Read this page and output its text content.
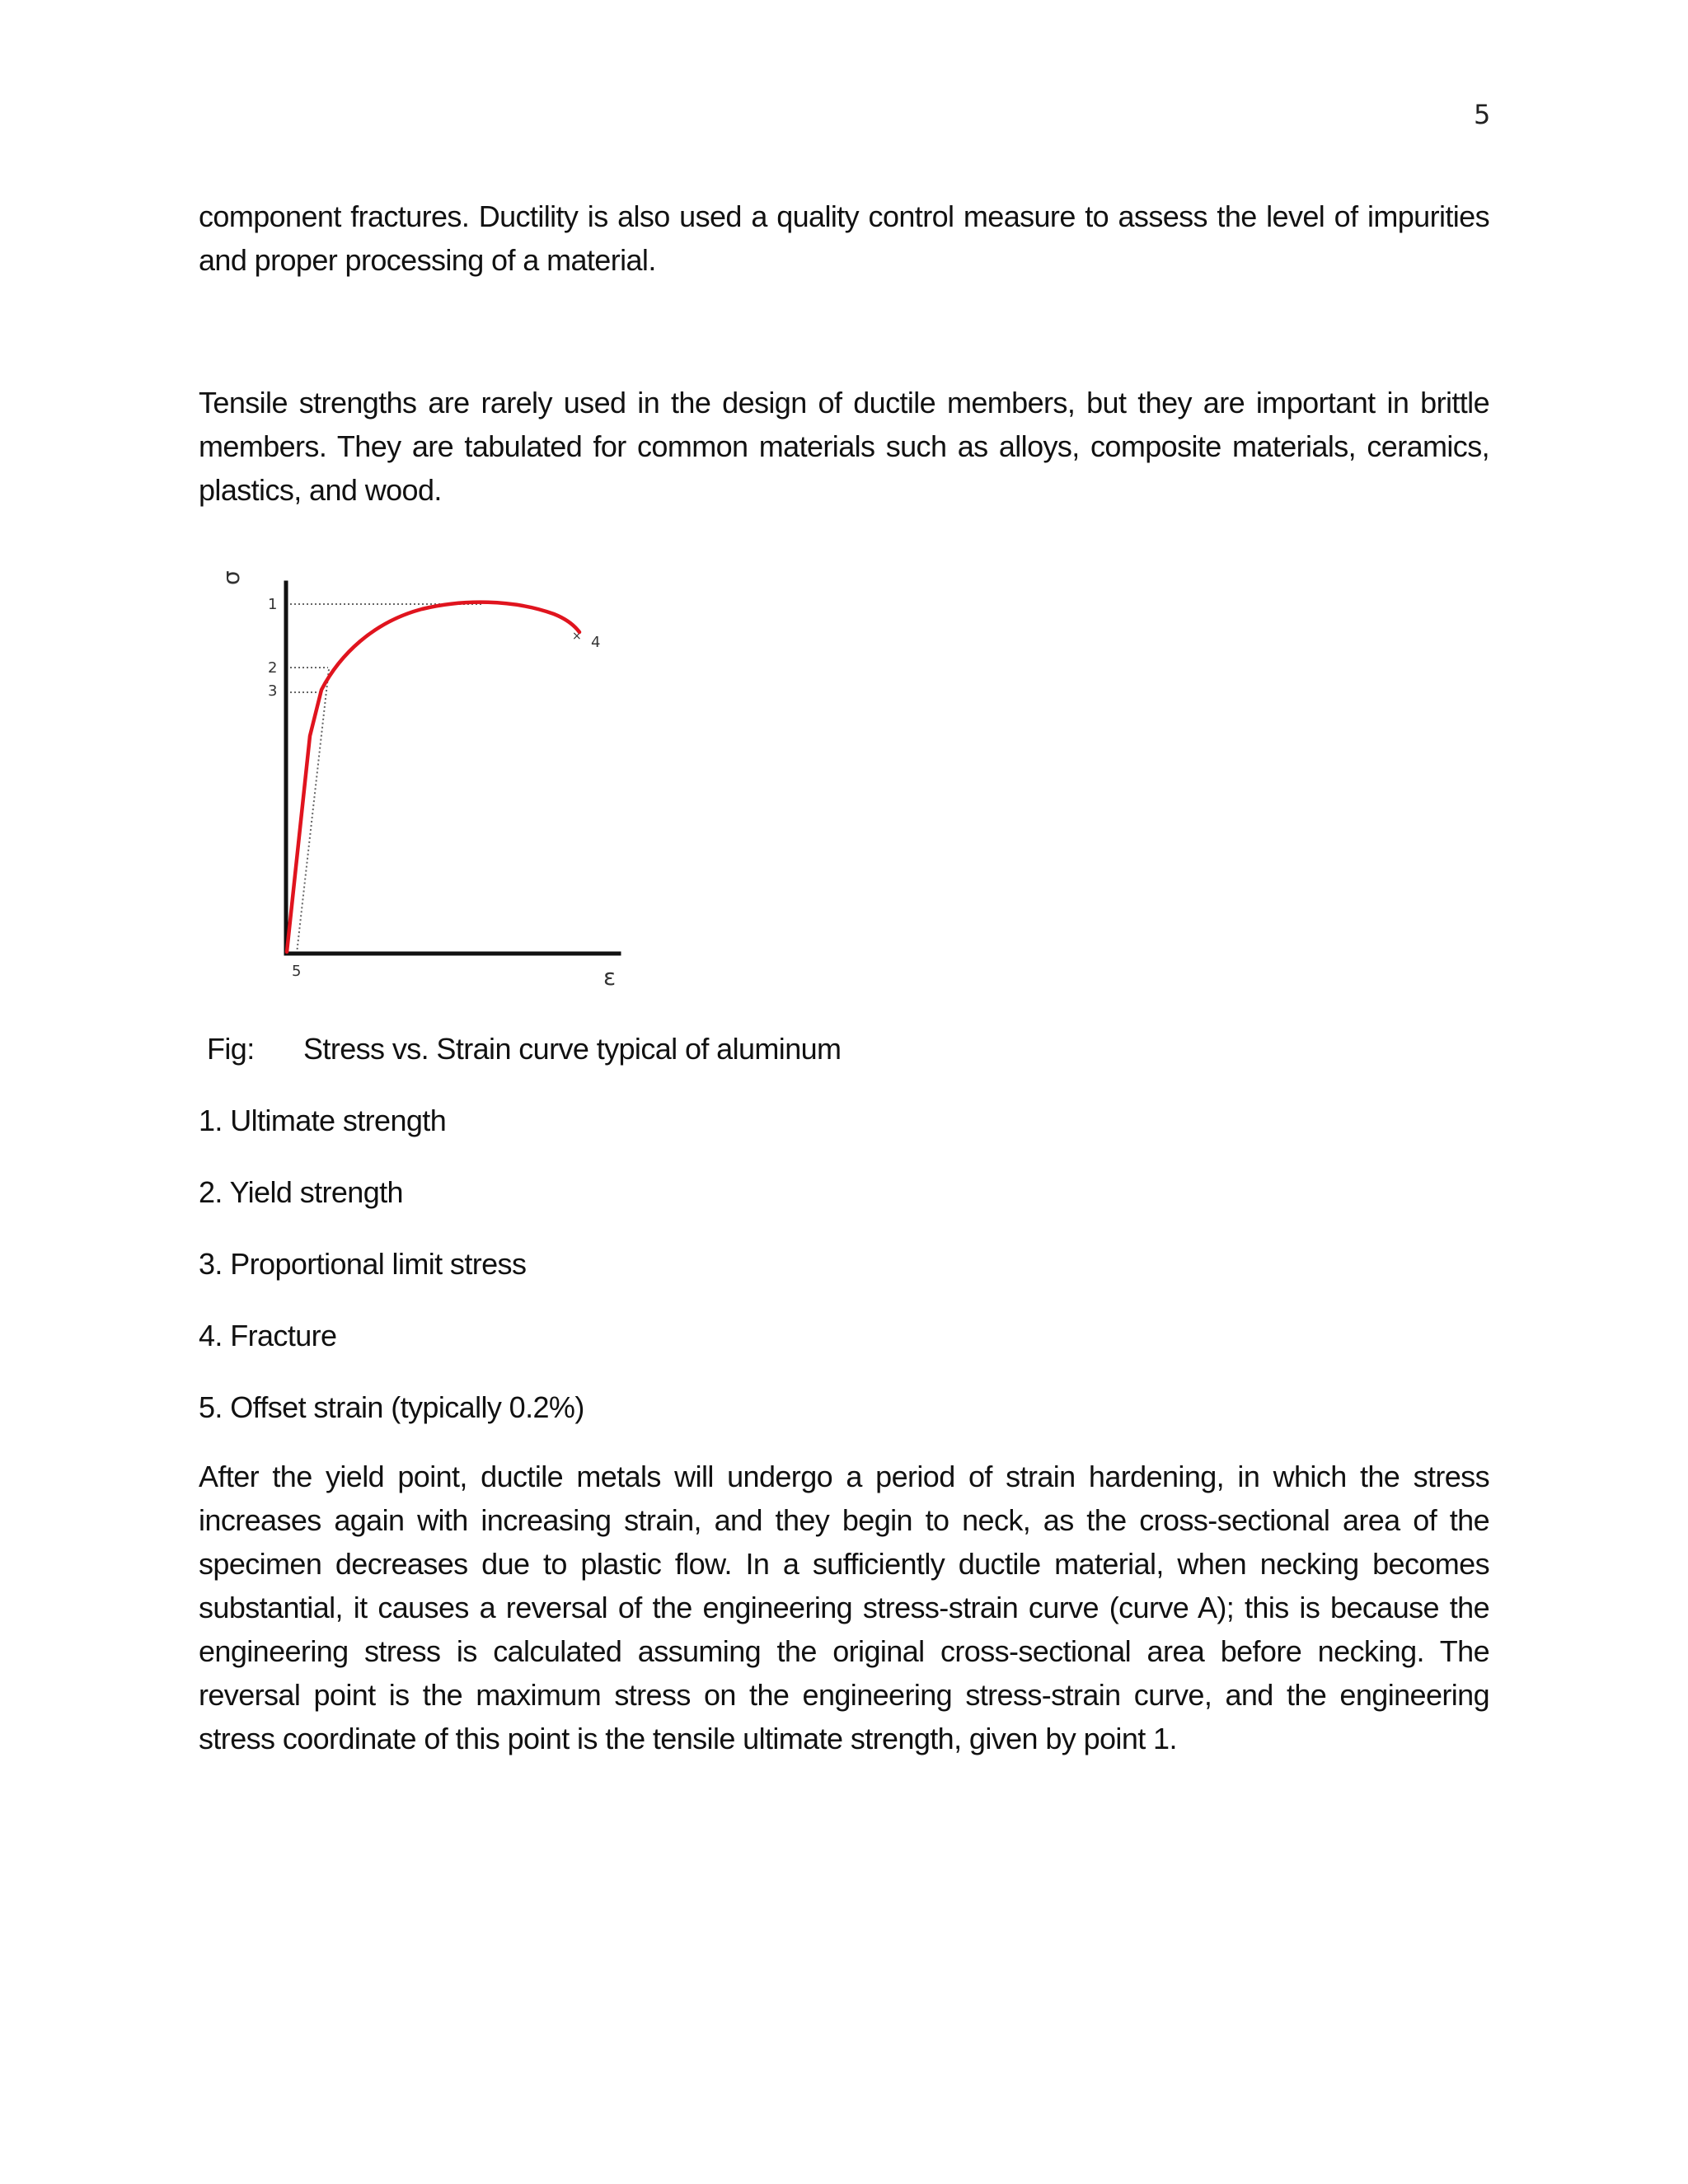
5

component fractures. Ductility is also used a quality control measure to assess the level of impurities and proper processing of a material.

Tensile strengths are rarely used in the design of ductile members, but they are important in brittle members. They are tabulated for common materials such as alloys, composite materials, ceramics, plastics, and wood.

σ
ε
1
2
3
4
5
×
Fig: Stress vs. Strain curve typical of aluminum
1. Ultimate strength
2. Yield strength
3. Proportional limit stress
4. Fracture
5. Offset strain (typically 0.2%)

After the yield point, ductile metals will undergo a period of strain hardening, in which the stress increases again with increasing strain, and they begin to neck, as the cross-sectional area of the specimen decreases due to plastic flow. In a sufficiently ductile material, when necking becomes substantial, it causes a reversal of the engineering stress-strain curve (curve A); this is because the engineering stress is calculated assuming the original cross-sectional area before necking. The reversal point is the maximum stress on the engineering stress-strain curve, and the engineering stress coordinate of this point is the tensile ultimate strength, given by point 1.
